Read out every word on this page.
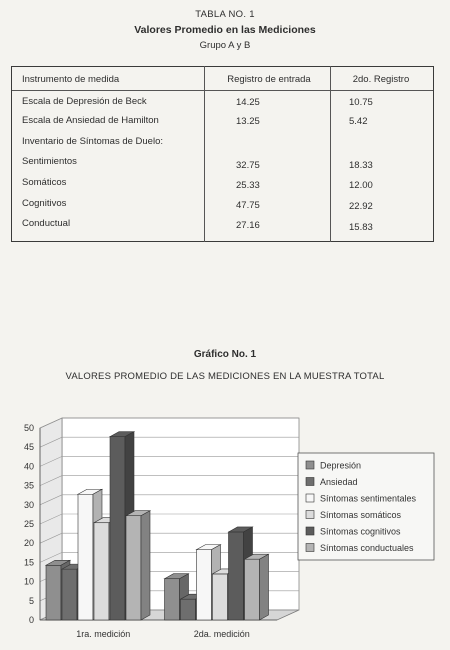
TABLA NO. 1
Valores Promedio en las Mediciones
Grupo A y B
Instrumento de medida	Registro de entrada	2do. Registro
Escala de Depresión de Beck	14.25	10.75
Escala de Ansiedad de Hamilton	13.25	5.42
Inventario de Síntomas de Duelo:
Sentimientos	32.75	18.33
Somáticos	25.33	12.00
Cognitivos	47.75	22.92
Conductual	27.16	15.83
Gráfico No. 1
VALORES PROMEDIO DE LAS MEDICIONES EN LA MUESTRA TOTAL
0
5
10
15
20
25
30
35
40
45
50
1ra. medición	2da. medición
Depresión
Ansiedad
Síntomas sentimentales
Síntomas somáticos
Síntomas cognitivos
Síntomas conductuales
